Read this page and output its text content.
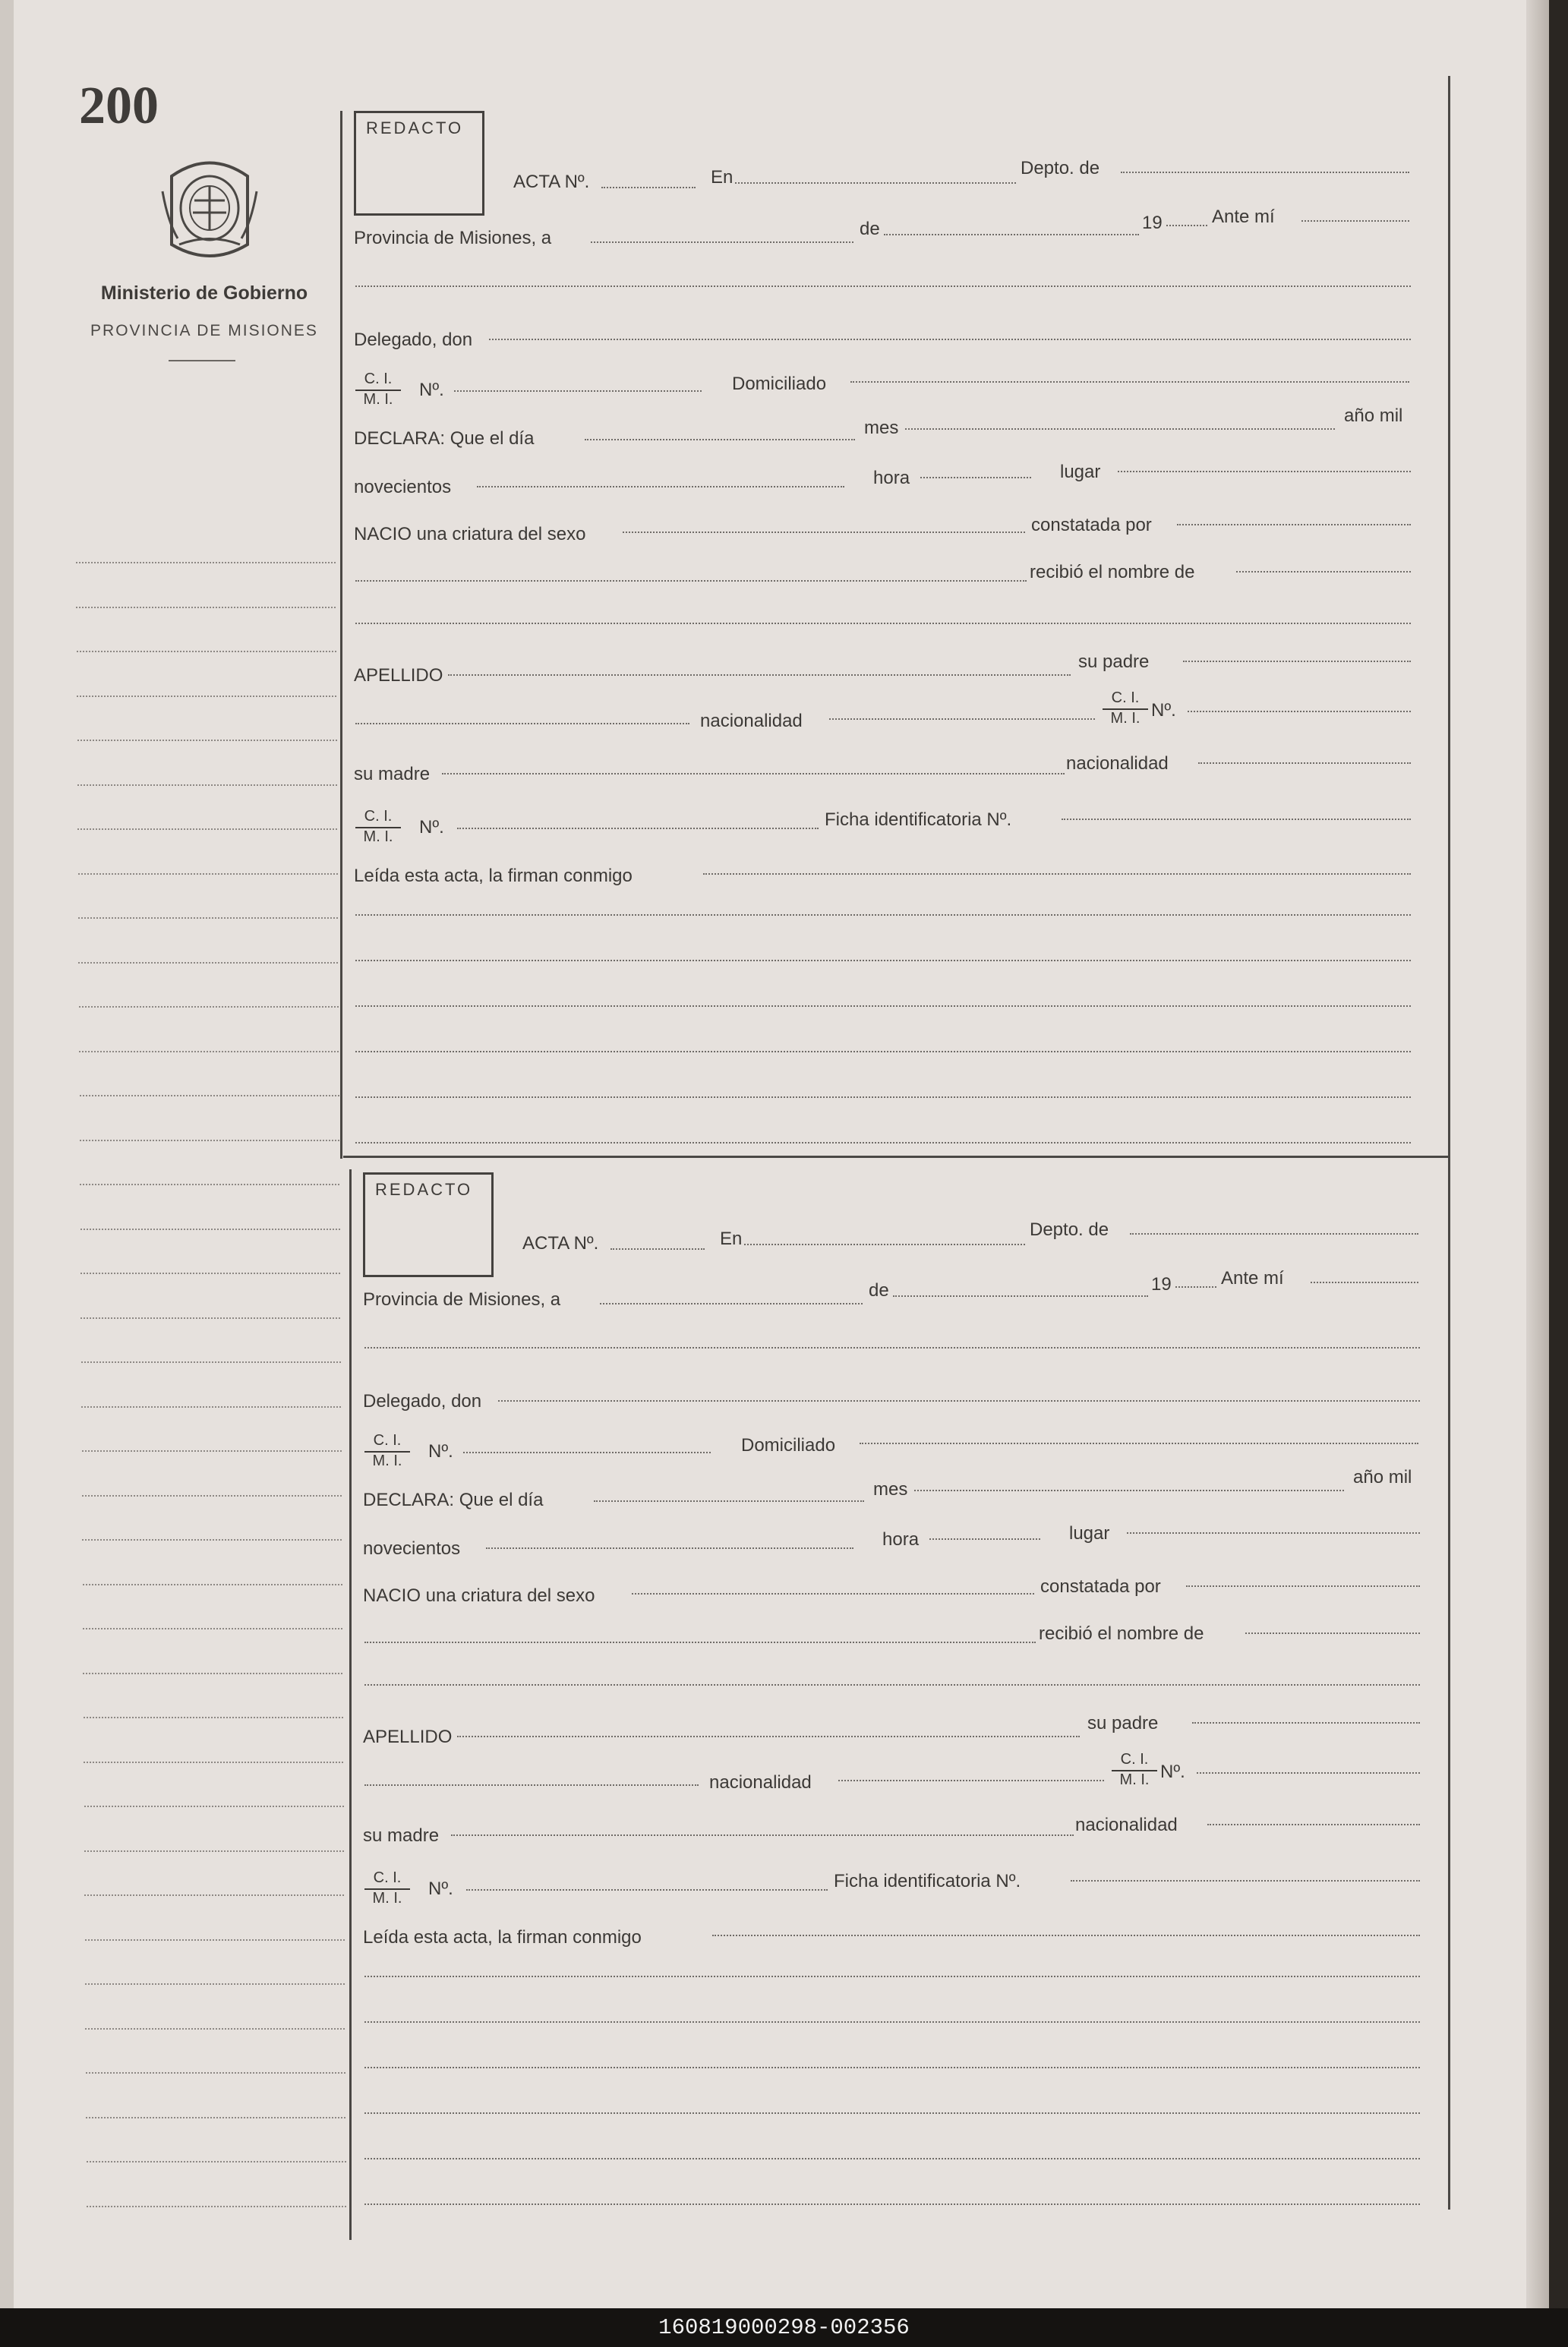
200
Ministerio de Gobierno
PROVINCIA DE MISIONES
REDACTO
ACTA Nº.	En	Depto. de
Provincia de Misiones, a	de	19	Ante mí
Delegado, don
$\frac{C. I.}{M. I.}$ Nº.	Domiciliado
DECLARA: Que el día
mes
año mil
novecientos	hora	lugar
NACIO una criatura del sexo	constatada por
recibió el nombre de
APELLIDO
su padre
nacionalidad	$\frac{C. I.}{M. I.}$ Nº.
su madre
nacionalidad
$\frac{C. I.}{M. I.}$ Nº.	Ficha identificatoria Nº.
Leída esta acta, la firman conmigo
REDACTO
ACTA Nº.	En	Depto. de
Provincia de Misiones, a	de	19	Ante mí
Delegado, don
$\frac{C. I.}{M. I.}$ Nº.	Domiciliado
DECLARA: Que el día
mes
año mil
novecientos	hora	lugar
NACIO una criatura del sexo	constatada por
recibió el nombre de
APELLIDO
su padre
nacionalidad	$\frac{C. I.}{M. I.}$ Nº.
su madre
nacionalidad
$\frac{C. I.}{M. I.}$ Nº.	Ficha identificatoria Nº.
Leída esta acta, la firman conmigo
160819000298-002356
